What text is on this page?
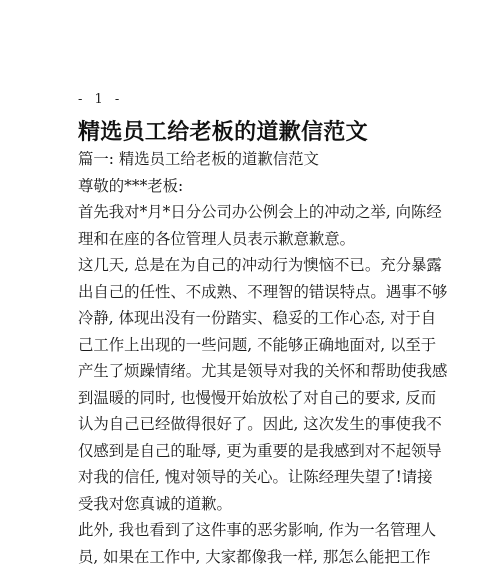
- 1 -
精选员工给老板的道歉信范文
篇一: 精选员工给老板的道歉信范文
尊敬的***老板:
首先我对*月*日分公司办公例会上的冲动之举, 向陈经
理和在座的各位管理人员表示歉意歉意。
这几天, 总是在为自己的冲动行为懊恼不已。充分暴露
出自己的任性、不成熟、不理智的错误特点。遇事不够
冷静, 体现出没有一份踏实、稳妥的工作心态, 对于自
己工作上出现的一些问题, 不能够正确地面对, 以至于
产生了烦躁情绪。尤其是领导对我的关怀和帮助使我感
到温暖的同时, 也慢慢开始放松了对自己的要求, 反而
认为自己已经做得很好了。因此, 这次发生的事使我不
仅感到是自己的耻辱, 更为重要的是我感到对不起领导
对我的信任, 愧对领导的关心。让陈经理失望了!请接
受我对您真诚的道歉。
此外, 我也看到了这件事的恶劣影响, 作为一名管理人
员, 如果在工作中, 大家都像我一样, 那怎么能把工作
